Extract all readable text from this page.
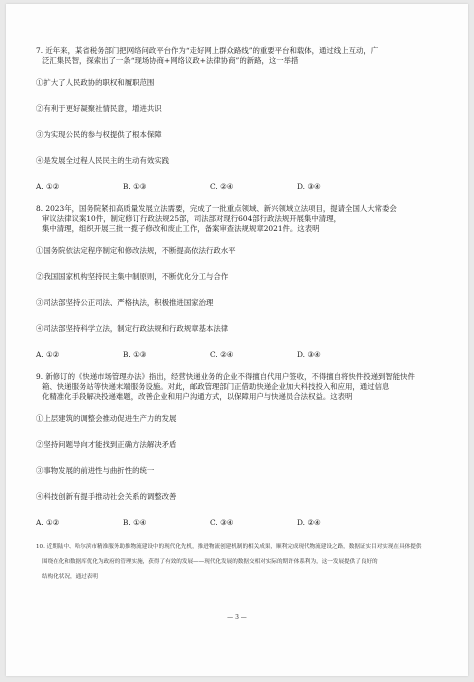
7. 近年来，某省税务部门把网络问政平台作为“走好网上群众路线”的重要平台和载体，通过线上互动，广

泛汇集民智，探索出了一条“现场协商+网络议政+法律协商”的新路，这一举措

①扩大了人民政协的职权和履职范围

②有利于更好凝聚社情民意，增进共识

③为实现公民的参与权提供了根本保障

④是发展全过程人民民主的生动有效实践

A. ①②	B. ①③	C. ②④	D. ③④

8. 2023年，国务院紧扣高质量发展立法需要，完成了一批重点领域、新兴领域立法项目，提请全国人大常委会

审议法律议案10件，制定修订行政法规25部，司法部对现行604部行政法规开展集中清理，

集中清理，组织开展三批一揽子修改和废止工作，备案审查法规规章2021件。这表明

①国务院依法定程序制定和修改法规，不断提高依法行政水平

②我国国家机构坚持民主集中制原则，不断优化分工与合作

③司法部坚持公正司法、严格执法，积极推进国家治理

④司法部坚持科学立法，制定行政法规和行政规章基本法律

A. ①②	B. ①③	C. ②④	D. ③④

9. 新修订的《快递市场管理办法》指出，经营快递业务的企业不得擅自代用户签收，不得擅自将快件投递到智能快件

箱、快递服务站等快递末端服务设施。对此，邮政管理部门正借助快递企业加大科技投入和应用，通过信息

化精准化手段解决投递难题，改善企业和用户沟通方式，以保障用户与快递员合法权益。这表明

①上层建筑的调整会推动促进生产力的发展

②坚持问题导向才能找到正确方法解决矛盾

③事物发展的前进性与曲折性的统一

④科技创新有提手推动社会关系的调整改善

A. ①②	B. ①④	C. ③④	D. ②④

10. 近期陆中、哈尔滨市精准服务助推物流建设中的现代化先机，推进物流创建机制的相关成果，顺利完成现代物流建设之路，数据证实目对实现在具体提供

围绕在化和数据库优化为政府的管理实施，获得了有效的发展——现代化发展的数据交相对实际的期许体系利为，这一发展提供了良好的

结构化状况，通过表明

— 3 —
